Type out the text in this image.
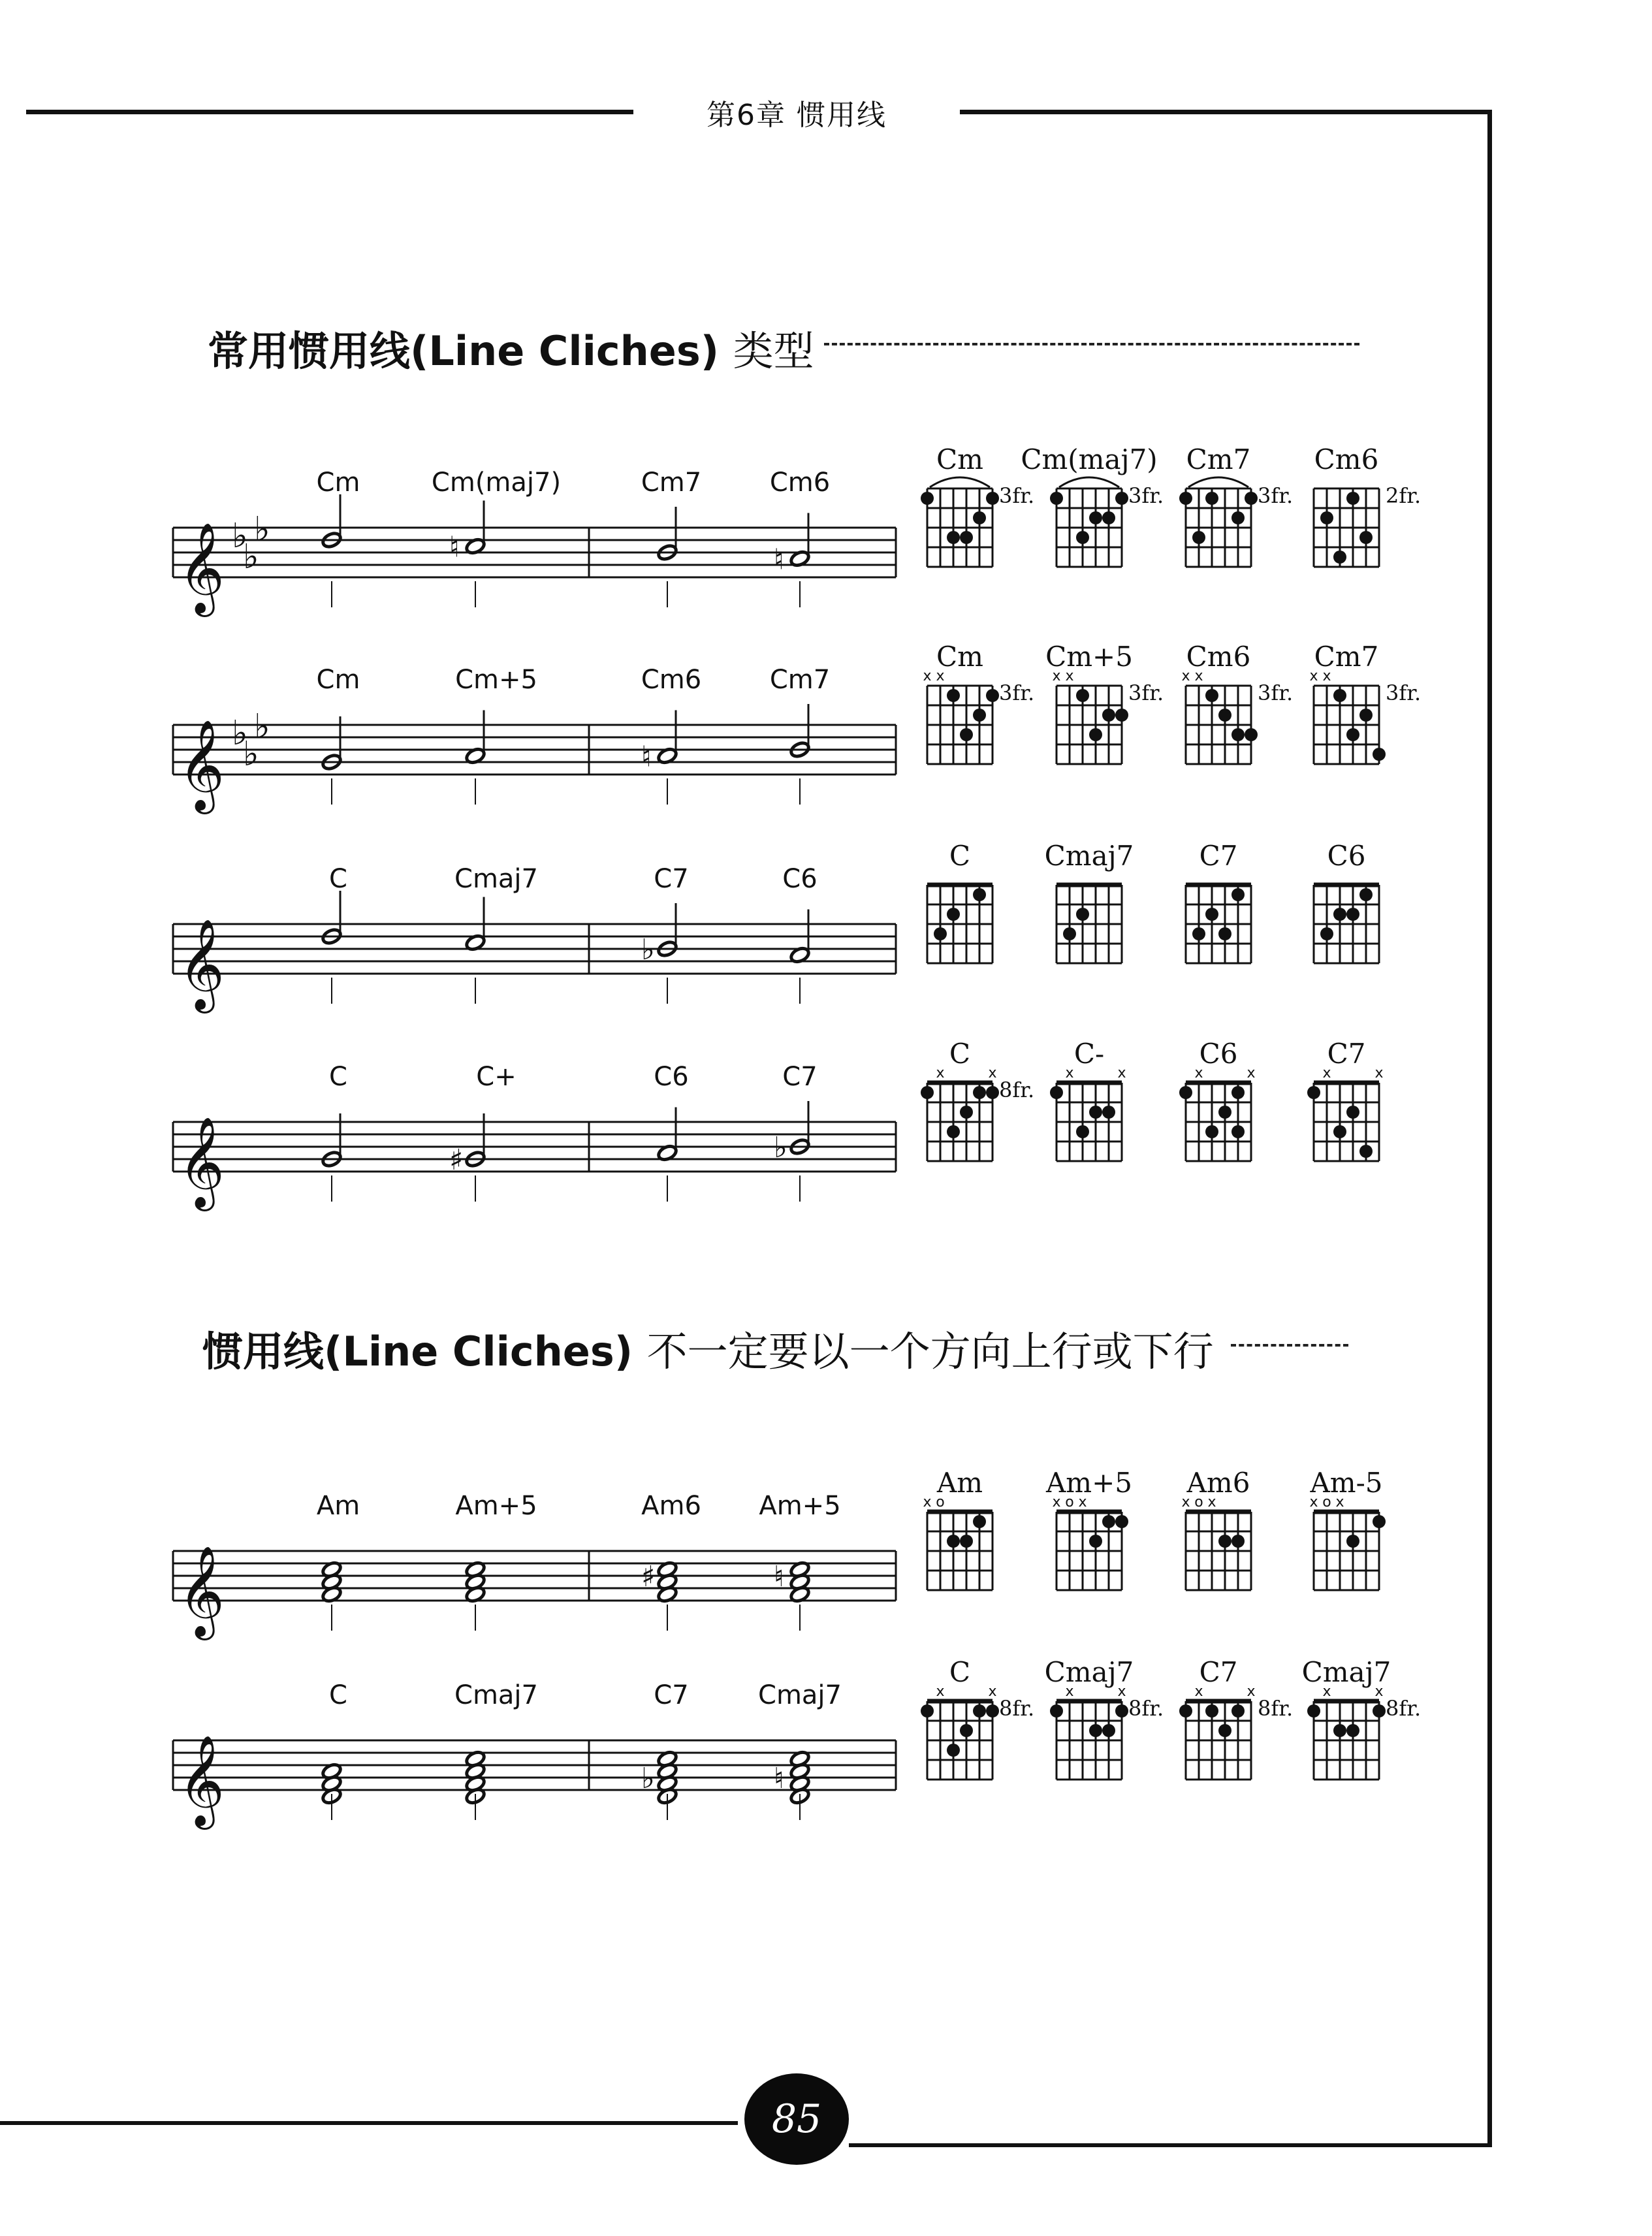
第6章 惯用线
常用惯用线(Line Cliches) 类型
惯用线(Line Cliches) 不一定要以一个方向上行或下行
𝄞 ♭
♭
♭
Cm	Cm(maj7)	Cm7	Cm6
♮	♮
Cm
3fr.
Cm(maj7)
3fr.
Cm7
3fr.
Cm6
2fr.
𝄞 ♭
♭
♭
Cm	Cm+5	Cm6	Cm7
♮
Cm
x x
3fr.
Cm+5
x x
3fr.
Cm6
x x
3fr.
Cm7
x x
3fr.
𝄞
C	Cmaj7	C7	C6
♭
C	Cmaj7 C7	C6
𝄞
C	C+	C6	C7
♯	♭
C
x	x
8fr.
C-
x	x
C6
x	x
C7
x	x
𝄞
Am	Am+5	Am6 Am+5
♯	♮
Am
x o
Am+5
x o x
Am6
x o x
Am-5
x o x
𝄞
C	Cmaj7	C7	Cmaj7
♭	♮
C
x	x
8fr.
Cmaj7
x	x
8fr.
C7
x	x
8fr.
Cmaj7
x	x
8fr.
85
